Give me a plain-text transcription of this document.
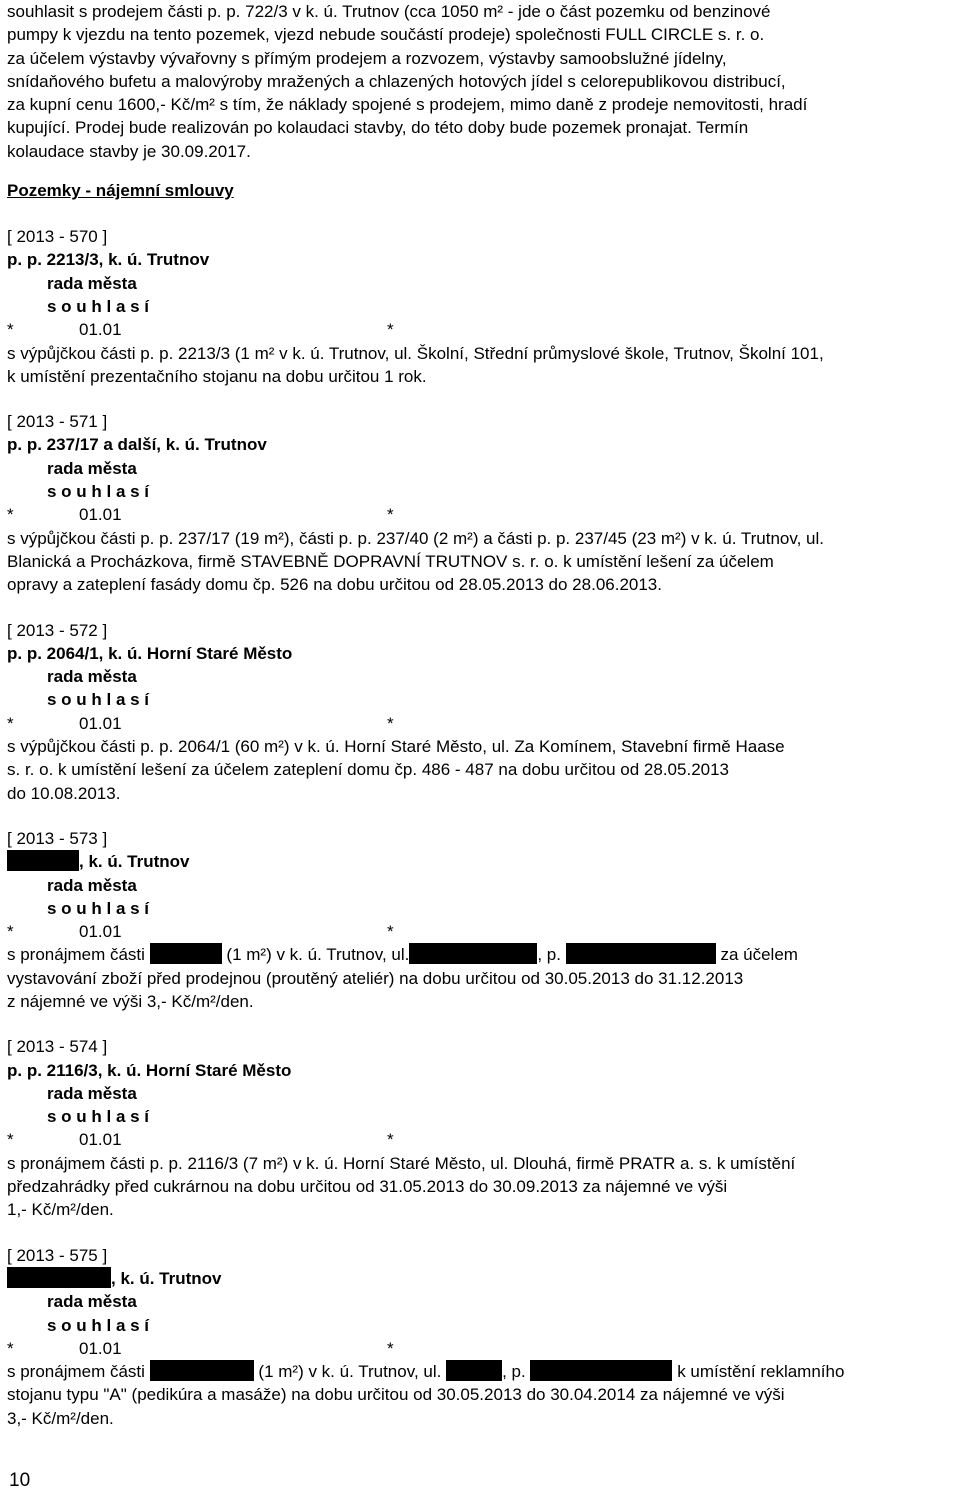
souhlasit s prodejem části p. p. 722/3 v k. ú. Trutnov (cca 1050 m² - jde o část pozemku od benzinové
pumpy k vjezdu na tento pozemek, vjezd nebude součástí prodeje) společnosti FULL CIRCLE s. r. o.
za účelem výstavby vývařovny s přímým prodejem a rozvozem, výstavby samoobslužné jídelny,
snídaňového bufetu a malovýroby mražených a chlazených hotových jídel s celorepublikovou distribucí,
za kupní cenu 1600,- Kč/m² s tím, že náklady spojené s prodejem, mimo daně z prodeje nemovitosti, hradí
kupující. Prodej bude realizován po kolaudaci stavby, do této doby bude pozemek pronajat. Termín
kolaudace stavby je 30.09.2017.
Pozemky - nájemní smlouvy
[ 2013 - 570 ]
p. p. 2213/3, k. ú. Trutnov
rada města
s o u h l a s í
*	01.01	*
s výpůjčkou části p. p. 2213/3 (1 m² v k. ú. Trutnov, ul. Školní, Střední průmyslové škole, Trutnov, Školní 101,
k umístění prezentačního stojanu na dobu určitou 1 rok.
[ 2013 - 571 ]
p. p. 237/17 a další, k. ú. Trutnov
rada města
s o u h l a s í
*	01.01	*
s výpůjčkou části p. p. 237/17 (19 m²), části p. p. 237/40 (2 m²) a části p. p. 237/45 (23 m²) v k. ú. Trutnov, ul.
Blanická a Procházkova, firmě STAVEBNĚ DOPRAVNÍ TRUTNOV s. r. o. k umístění lešení za účelem
opravy a zateplení fasády domu čp. 526 na dobu určitou od 28.05.2013 do 28.06.2013.
[ 2013 - 572 ]
p. p. 2064/1, k. ú. Horní Staré Město
rada města
s o u h l a s í
*	01.01	*
s výpůjčkou části p. p. 2064/1 (60 m²) v k. ú. Horní Staré Město, ul. Za Komínem, Stavební firmě Haase
s. r. o. k umístění lešení za účelem zateplení domu čp. 486 - 487 na dobu určitou od 28.05.2013
do 10.08.2013.
[ 2013 - 573 ]
, k. ú. Trutnov
rada města
s o u h l a s í
*	01.01	*
s pronájmem části	(1 m²) v k. ú. Trutnov, ul.	, p.	za účelem
vystavování zboží před prodejnou (proutěný ateliér) na dobu určitou od 30.05.2013 do 31.12.2013
z nájemné ve výši 3,- Kč/m²/den.
[ 2013 - 574 ]
p. p. 2116/3, k. ú. Horní Staré Město
rada města
s o u h l a s í
*	01.01	*
s pronájmem části p. p. 2116/3 (7 m²) v k. ú. Horní Staré Město, ul. Dlouhá, firmě PRATR a. s. k umístění
předzahrádky před cukrárnou na dobu určitou od 31.05.2013 do 30.09.2013 za nájemné ve výši
1,- Kč/m²/den.
[ 2013 - 575 ]
, k. ú. Trutnov
rada města
s o u h l a s í
*	01.01	*
s pronájmem části	(1 m²) v k. ú. Trutnov, ul.	, p.	k umístění reklamního
stojanu typu "A" (pedikúra a masáže) na dobu určitou od 30.05.2013 do 30.04.2014 za nájemné ve výši
3,- Kč/m²/den.
10
